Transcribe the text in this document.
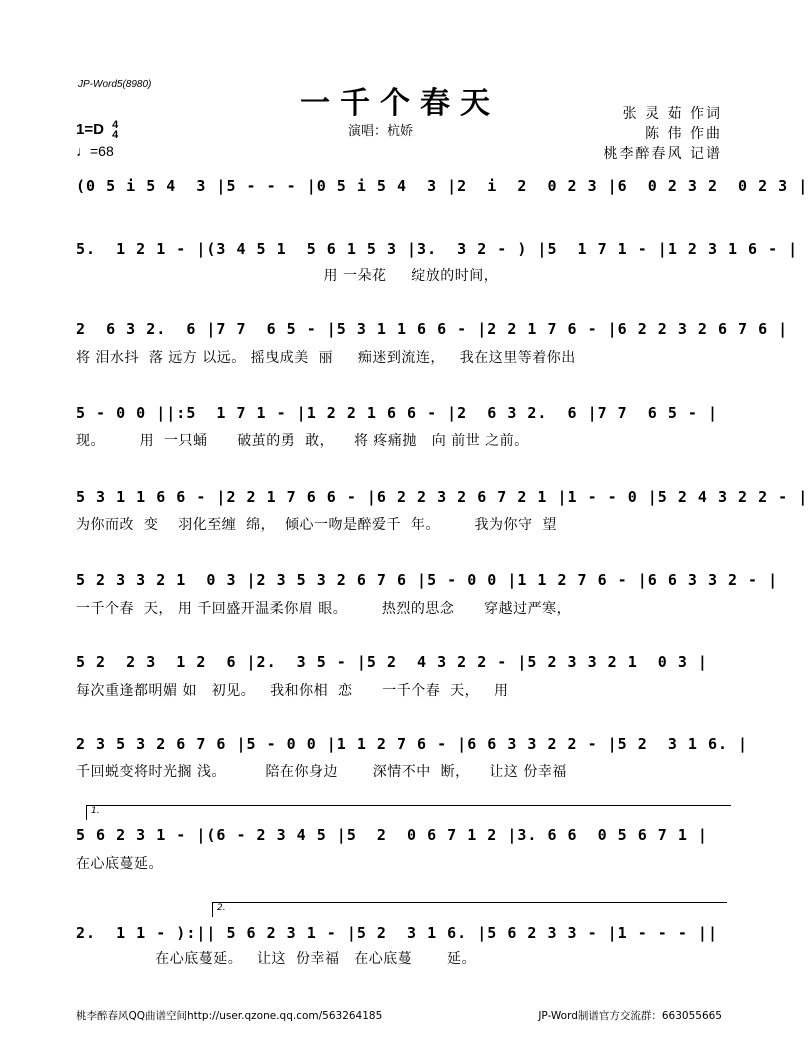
JP-Word5(8980)
一千个春天
演唱：杭娇
张 灵 茹 作词
陈 伟 作曲
桃李醉春风 记谱
1=D 4
4
♩=68
(0 5 i 5 4  3 |5 - - - |0 5 i 5 4  3 |2  i  2  0 2 3 |6  0 2 3 2  0 2 3 |
5.  1 2 1 - |(3 4 5 1  5 6 1 5 3 |3.  3 2 - ) |5  1 7 1 - |1 2 3 1 6 - |
用 一朵花     绽放的时间，
2  6 3 2.  6 |7 7  6 5 - |5 3 1 1 6 6 - |2 2 1 7 6 - |6 2 2 3 2 6 7 6 |
将 泪水抖  落 远方 以远。 摇曳成美  丽     痴迷到流连，   我在这里等着你出
5 - 0 0 ||:5  1 7 1 - |1 2 2 1 6 6 - |2  6 3 2.  6 |7 7  6 5 - |
现。       用  一只蛹      破茧的勇  敢，    将 疼痛抛   向 前世 之前。
5 3 1 1 6 6 - |2 2 1 7 6 6 - |6 2 2 3 2 6 7 2 1 |1 - - 0 |5 2 4 3 2 2 - |
为你而改  变    羽化至缠  绵，  倾心一吻是醉爱千  年。       我为你守  望
5 2 3 3 2 1  0 3 |2 3 5 3 2 6 7 6 |5 - 0 0 |1 1 2 7 6 - |6 6 3 3 2 - |
一千个春  天， 用 千回盛开温柔你眉 眼。       热烈的思念      穿越过严寒，
5 2  2 3  1 2  6 |2.  3 5 - |5 2  4 3 2 2 - |5 2 3 3 2 1  0 3 |
每次重逢都明媚 如   初见。   我和你相  恋      一千个春  天，   用
2 3 5 3 2 6 7 6 |5 - 0 0 |1 1 2 7 6 - |6 6 3 3 2 2 - |5 2  3 1 6. |
千回蜕变将时光搁 浅。        陪在你身边       深情不中  断，    让这 份幸福
1.
5 6 2 3 1 - |(6 - 2 3 4 5 |5  2  0 6 7 1 2 |3. 6 6  0 5 6 7 1 |
在心底蔓延。
2.
2.  1 1 - ):|| 5 6 2 3 1 - |5 2  3 1 6. |5 6 2 3 3 - |1 - - - ||
在心底蔓延。   让这  份幸福   在心底蔓       延。
桃李醉春风QQ曲谱空间http://user.qzone.qq.com/563264185	JP-Word制谱官方交流群：663055665
